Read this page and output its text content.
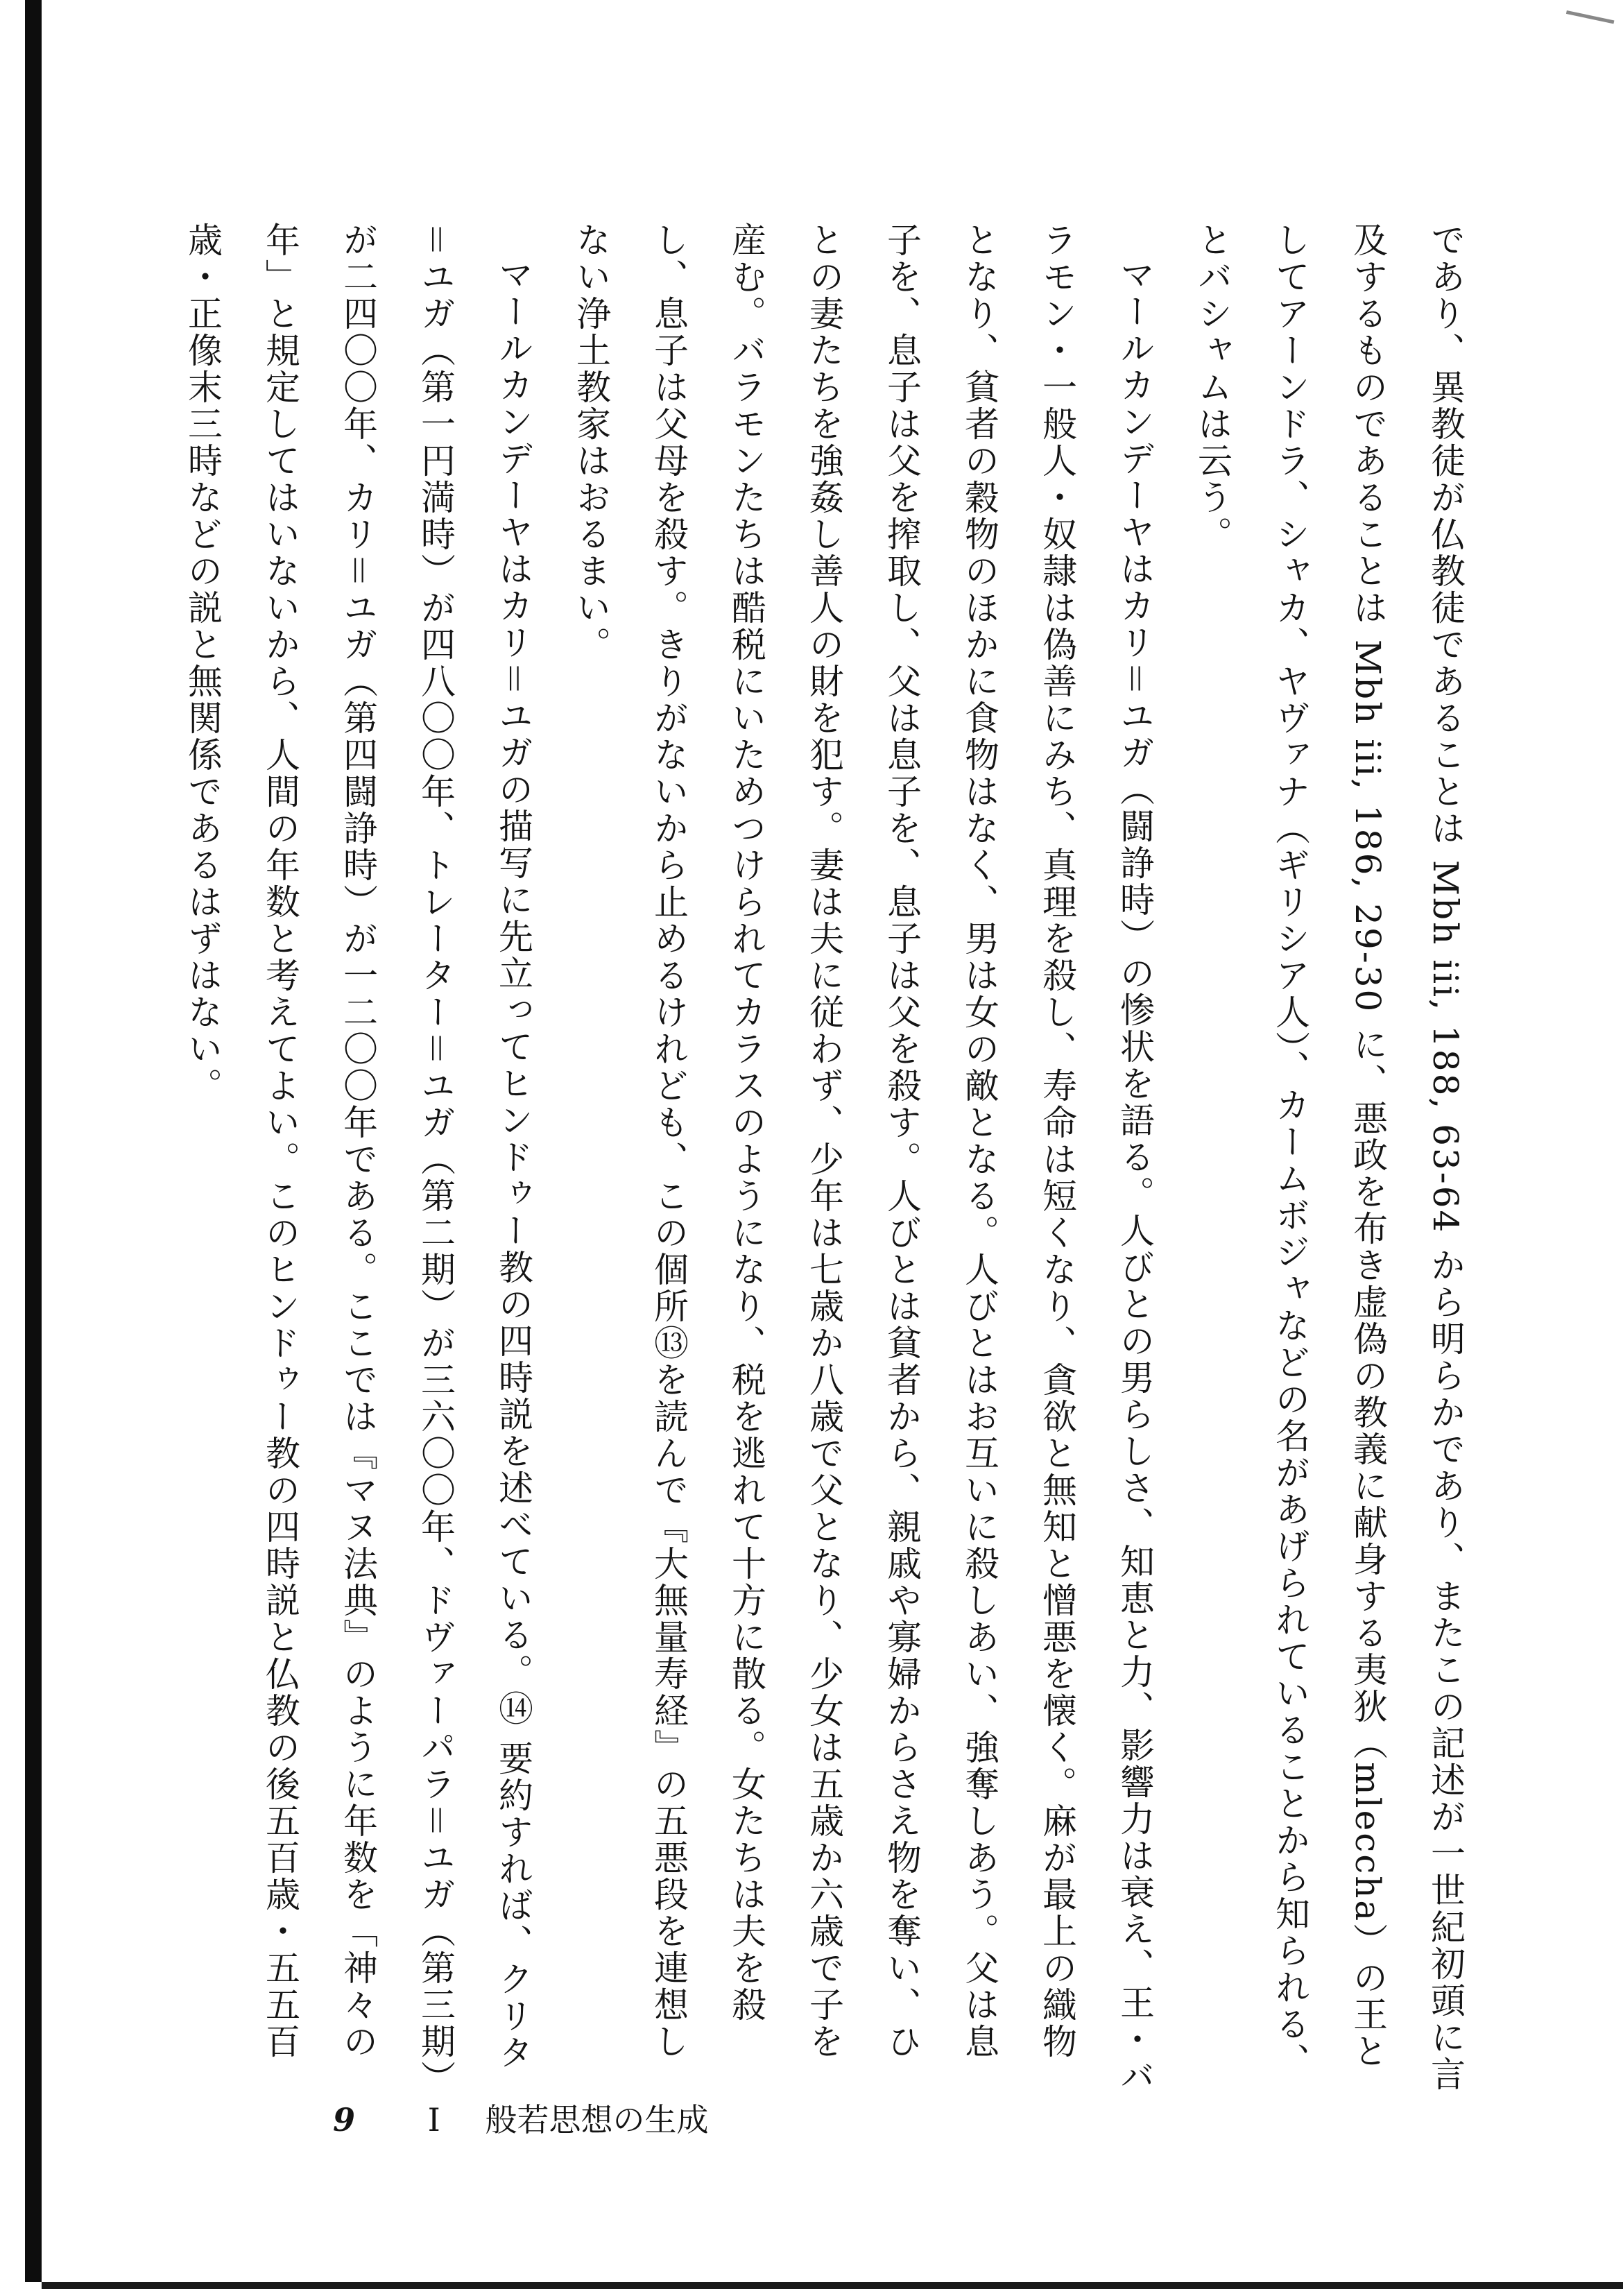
であり、異教徒が仏教徒であることは Mbh iii, 188, 63-64 から明らかであり、またこの記述が一世紀初頭に言及するものであることは Mbh iii, 186, 29-30 に、悪政を布き虚偽の教義に献身する夷狄（mleccha）の王としてアーンドラ、シャカ、ヤヴァナ（ギリシア人）、カームボジャなどの名があげられていることから知られる、とバシャムは云う。

マールカンデーヤはカリ＝ユガ（闘諍時）の惨状を語る。人びとの男らしさ、知恵と力、影響力は衰え、王・バラモン・一般人・奴隷は偽善にみち、真理を殺し、寿命は短くなり、貪欲と無知と憎悪を懐く。麻が最上の織物となり、貧者の穀物のほかに食物はなく、男は女の敵となる。人びとはお互いに殺しあい、強奪しあう。父は息子を、息子は父を搾取し、父は息子を、息子は父を殺す。人びとは貧者から、親戚や寡婦からさえ物を奪い、ひとの妻たちを強姦し善人の財を犯す。妻は夫に従わず、少年は七歳か八歳で父となり、少女は五歳か六歳で子を産む。バラモンたちは酷税にいためつけられてカラスのようになり、税を逃れて十方に散る。女たちは夫を殺し、息子は父母を殺す。きりがないから止めるけれども、この個所⑬を読んで『大無量寿経』の五悪段を連想しない浄土教家はおるまい。

マールカンデーヤはカリ＝ユガの描写に先立ってヒンドゥー教の四時説を述べている。⑭ 要約すれば、クリタ＝ユガ（第一円満時）が四八〇〇年、トレーター＝ユガ（第二期）が三六〇〇年、ドヴァーパラ＝ユガ（第三期）が二四〇〇年、カリ＝ユガ（第四闘諍時）が一二〇〇年である。ここでは『マヌ法典』のように年数を「神々の年」と規定してはいないから、人間の年数と考えてよい。このヒンドゥー教の四時説と仏教の後五百歳・五五百歳・正像末三時などの説と無関係であるはずはない。

9 I 般若思想の生成
